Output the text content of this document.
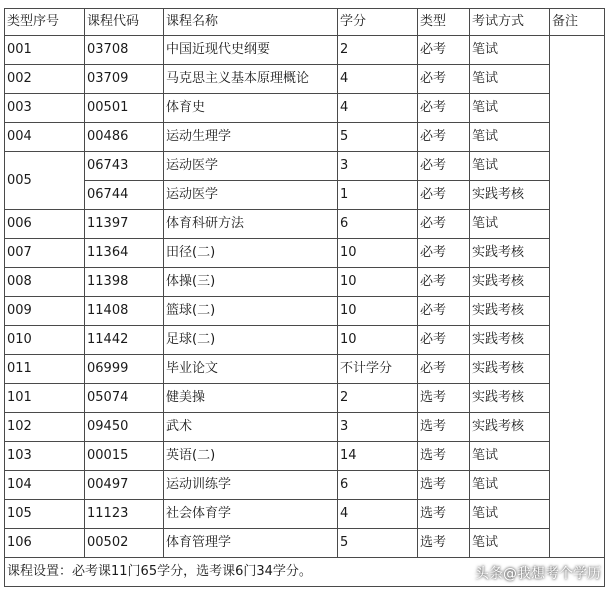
类型序号	课程代码	课程名称	学分	类型	考试方式	备注
001	03708	中国近现代史纲要	2	必考	笔试	
002	03709	马克思主义基本原理概论	4	必考	笔试	
003	00501	体育史	4	必考	笔试	
004	00486	运动生理学	5	必考	笔试	
005	06743	运动医学	3	必考	笔试	
	06744	运动医学	1	必考	实践考核	
006	11397	体育科研方法	6	必考	笔试	
007	11364	田径(二)	10	必考	实践考核	
008	11398	体操(三)	10	必考	实践考核	
009	11408	篮球(二)	10	必考	实践考核	
010	11442	足球(二)	10	必考	实践考核	
011	06999	毕业论文	不计学分	必考	实践考核	
101	05074	健美操	2	选考	实践考核	
102	09450	武术	3	选考	实践考核	
103	00015	英语(二)	14	选考	笔试	
104	00497	运动训练学	6	选考	笔试	
105	11123	社会体育学	4	选考	笔试	
106	00502	体育管理学	5	选考	笔试	
课程设置：必考课11门65学分，选考课6门34学分。							头条@我想考个学历
